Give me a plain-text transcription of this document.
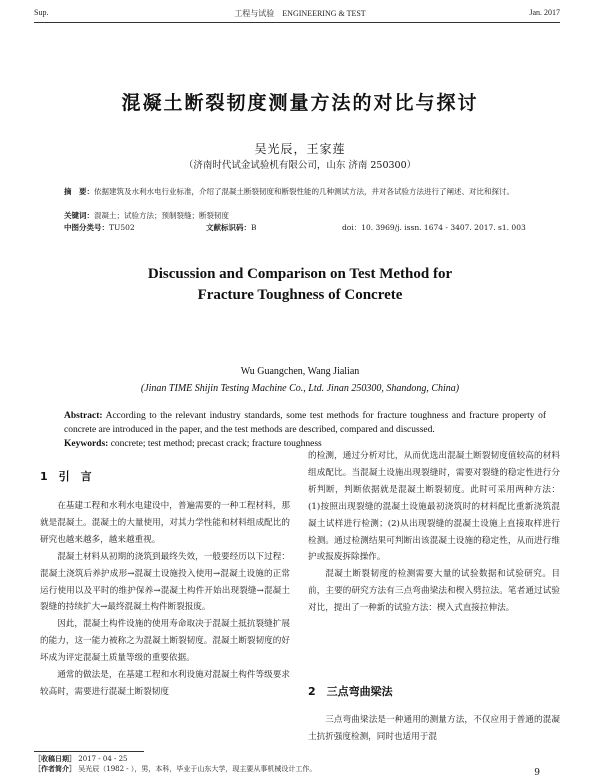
Sup.	工程与试验　ENGINEERING & TEST	Jan. 2017
混凝土断裂韧度测量方法的对比与探讨
吴光辰，王家莲
（济南时代试金试验机有限公司，山东 济南 250300）
摘　要：依据建筑及水利水电行业标准，介绍了混凝土断裂韧度和断裂性能的几种测试方法，并对各试验方法进行了阐述、对比和探讨。
关键词：混凝土；试验方法；预制裂缝；断裂韧度
中图分类号：TU502	文献标识码：B	doi：10. 3969/j. issn. 1674 - 3407. 2017. s1. 003
Discussion and Comparison on Test Method for
Fracture Toughness of Concrete
Wu Guangchen, Wang Jialian
(Jinan TIME Shijin Testing Machine Co., Ltd. Jinan 250300, Shandong, China)
Abstract: According to the relevant industry standards, some test methods for fracture toughness and fracture property of concrete are introduced in the paper, and the test methods are described, compared and discussed.
Keywords: concrete; test method; precast crack; fracture toughness
1　引　言

在基建工程和水利水电建设中，普遍需要的一种工程材料，那就是混凝土。混凝土的大量使用，对其力学性能和材料组成配比的研究也越来越多，越来越重视。

混凝土材料从初期的浇筑到最终失效，一般要经历以下过程：混凝土浇筑后养护成形→混凝土设施投入使用→混凝土设施的正常运行使用以及平时的维护保养→混凝土构件开始出现裂缝→混凝土裂缝的持续扩大→最终混凝土构件断裂报废。

因此，混凝土构件设施的使用寿命取决于混凝土抵抗裂缝扩展的能力，这一能力被称之为混凝土断裂韧度。混凝土断裂韧度的好坏成为评定混凝土质量等级的重要依据。

通常的做法是，在基建工程和水利设施对混凝土构件等级要求较高时，需要进行混凝土断裂韧度

的检测，通过分析对比，从而优选出混凝土断裂韧度值较高的材料组成配比。当混凝土设施出现裂缝时，需要对裂缝的稳定性进行分析判断，判断依据就是混凝土断裂韧度。此时可采用两种方法：(1)按照出现裂缝的混凝土设施最初浇筑时的材料配比重新浇筑混凝土试样进行检测；(2)从出现裂缝的混凝土设施上直接取样进行检测。通过检测结果可判断出该混凝土设施的稳定性，从而进行维护或报废拆除操作。

混凝土断裂韧度的检测需要大量的试验数据和试验研究。目前，主要的研究方法有三点弯曲梁法和楔入劈拉法。笔者通过试验对比，提出了一种新的试验方法：楔入式直接拉伸法。

2　三点弯曲梁法

三点弯曲梁法是一种通用的测量方法，不仅应用于普通的混凝土抗折强度检测，同时也适用于混

［收稿日期］ 2017 - 04 - 25
［作者简介］ 吴光辰（1982 - ），男，本科，毕业于山东大学，现主要从事机械设计工作。	9
